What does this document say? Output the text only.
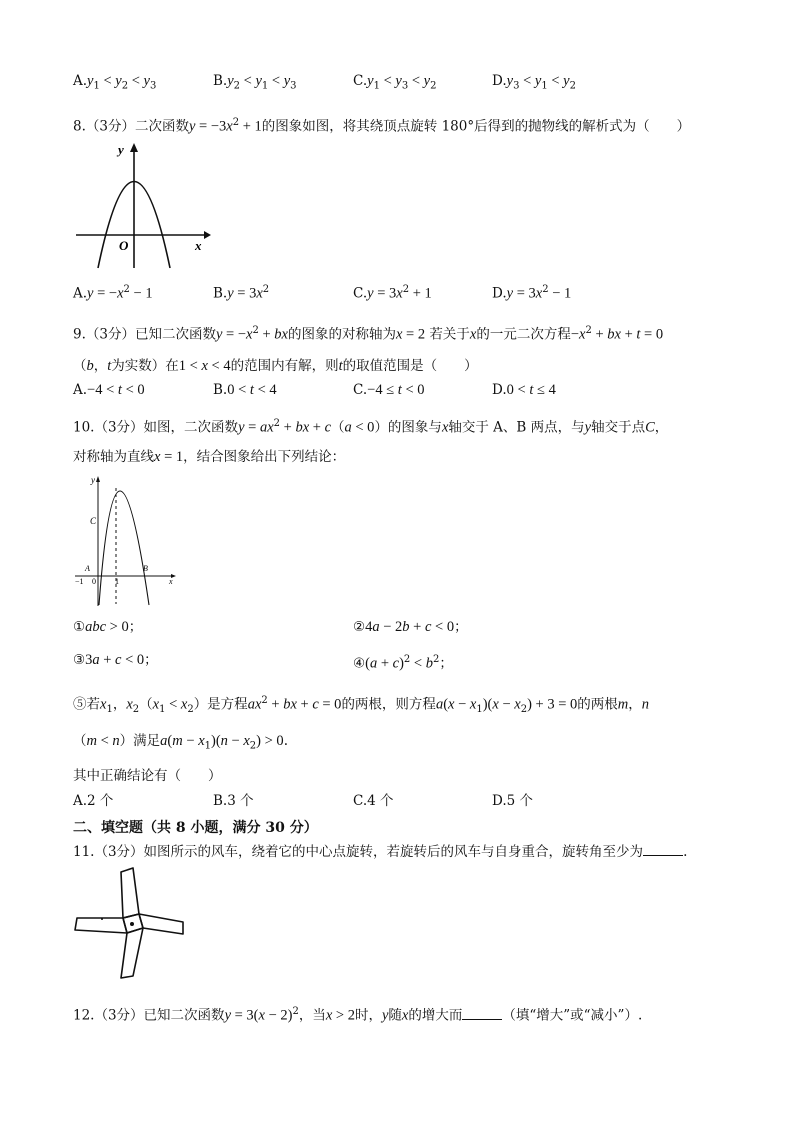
$A.y_1 < y_2 < y_3$	$B.y_2 < y_1 < y_3$	$C.y_1 < y_3 < y_2$	$D.y_3 < y_1 < y_2$
8.（3分）二次函数$y = -3x^2 + 1$的图象如图，将其绕顶点旋转 180°后得到的抛物线的解析式为（　　）
y
O	x
$A.y = -x^2 - 1$	$B.y = 3x^2$	$C.y = 3x^2 + 1$	$D.y = 3x^2 - 1$
9.（3分）已知二次函数$y = -x^2$ + bx的图象的对称轴为x = 2 若关于x的一元二次方程$-x^2$ + bx + t = 0
（b，t为实数）在1 < x < 4的范围内有解，则t的取值范围是（　　）
A.−4 < t < 0	B.0 < t < 4	C.−4 ≤ t < 0	D.0 < t ≤ 4
10.（3分）如图，二次函数$y = ax^2$ + bx + c（a < 0）的图象与x轴交于 A、B 两点，与y轴交于点C，
对称轴为直线x = 1，结合图象给出下列结论：
y
C
A	B
−1 0 1	x
①abc > 0；	②4a − 2b + c < 0；
③3a + c < 0；	④(a + $c)^2 < b^2$；
⑤若$x_1$，$x_2(x_1 < x_2)$是方程$ax^2$ + bx + c = 0的两根，则方程$a(x - x_1)(x - x_2) + 3 = 0$的两根m，n
（m < n）满足$a(m - x_1)(n - x_2) > 0$.
其中正确结论有（　　）
A.2 个	B.3 个	C.4 个	D.5 个
二、填空题（共 8 小题，满分 30 分）
11.（3分）如图所示的风车，绕着它的中心点旋转，若旋转后的风车与自身重合，旋转角至少为	.
12.（3分）已知二次函数$y = 3(x - 2)^2$，当x > 2时，y随x的增大而	（填“增大”或“减小”）.
